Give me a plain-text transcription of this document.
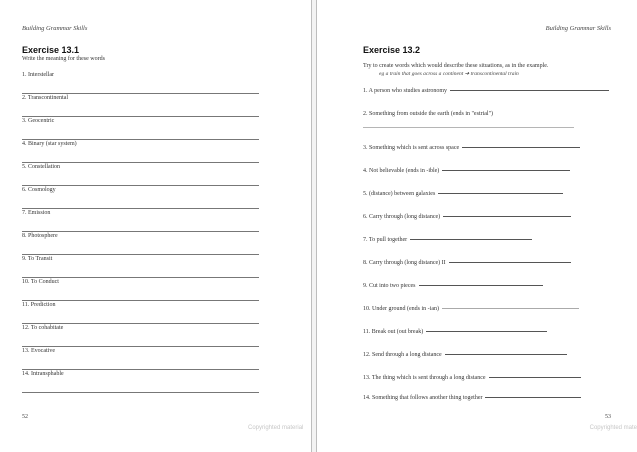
Building Grammar Skills
Exercise 13.1
Write the meaning for these words
1. Interstellar
2. Transcontinental
3. Geocentric
4. Binary (star system)
5. Constellation
6. Cosmology
7. Emission
8. Photosphere
9. To Transit
10. To Conduct
11. Prediction
12. To cohabitate
13. Evocative
14. Intransphable
52
Copyrighted material
Building Grammar Skills
Exercise 13.2
Try to create words which would describe these situations, as in the example.
eg a train that goes across a continent ➔ transcontinental train
1. A person who studies astronomy
2. Something from outside the earth (ends in "estrial")
3. Something which is sent across space
4. Not believable (ends in -ible)
5. (distance) between galaxies
6. Carry through (long distance)
7. To pull together
8. Carry through (long distance) II
9. Cut into two pieces
10. Under ground (ends in -ian)
11. Break out (out break)
12. Send through a long distance
13. The thing which is sent through a long distance
14. Something that follows another thing together
53
Copyrighted mate
